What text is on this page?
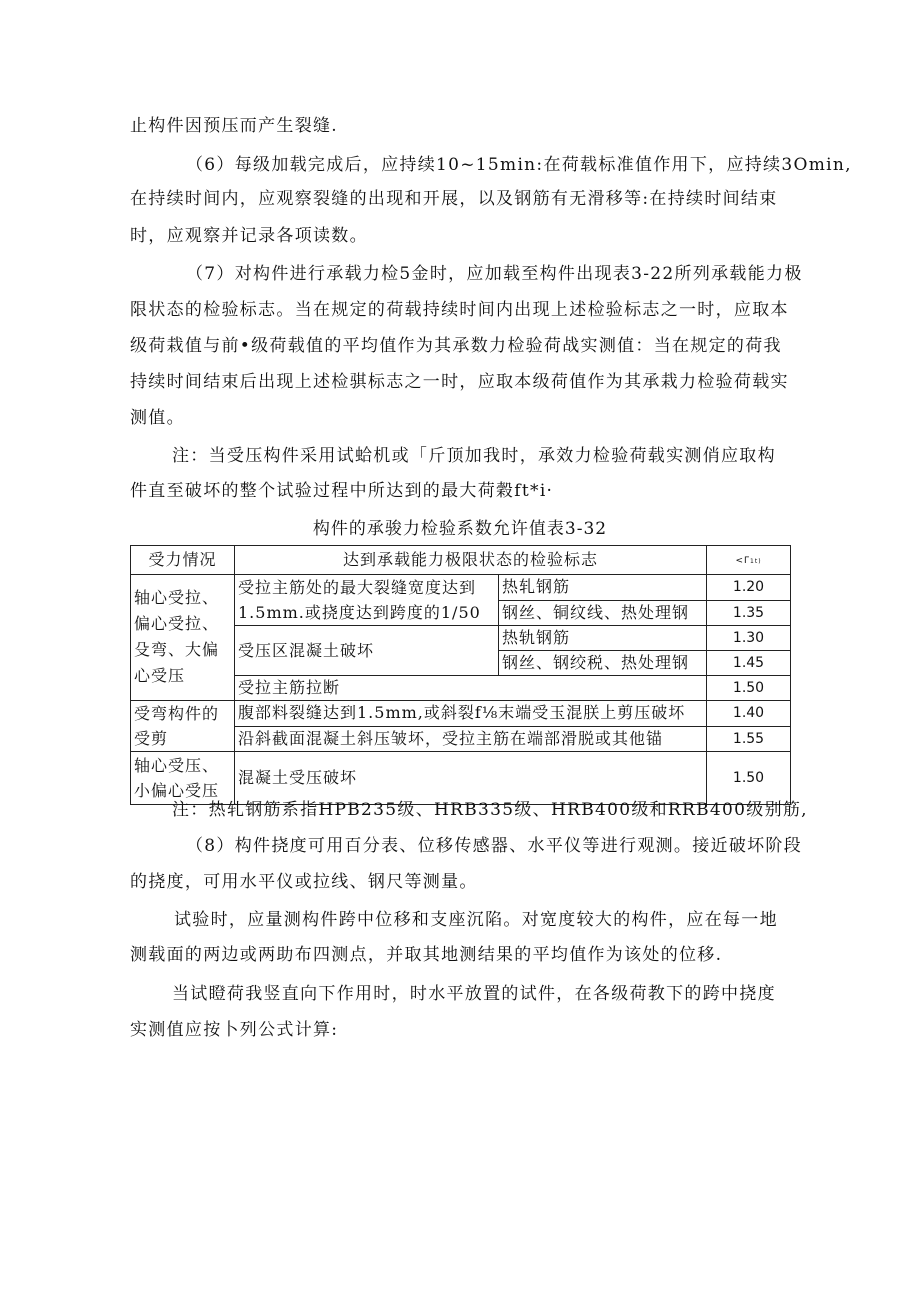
止构件因预压而产生裂缝.
（6）每级加载完成后，应持续10~15min:在荷载标准值作用下，应持续3Omin,
在持续时间内，应观察裂缝的出现和开展，以及钢筋有无滑移等:在持续时间结束
时，应观察并记录各项读数。
（7）对构件进行承载力检5金时，应加载至构件出现表3-22所列承载能力极
限状态的检验标志。当在规定的荷载持续时间内出现上述检验标志之一时，应取本
级荷栽值与前•级荷载值的平均值作为其承数力检验荷战实测值：当在规定的荷我
持续时间结束后出现上述检骐标志之一时，应取本级荷值作为其承栽力检验荷载实
测值。
注：当受压构件采用试蛤机或「斤顶加我时，承效力检验荷载实测俏应取构
件直至破坏的整个试验过程中所达到的最大荷穀ft*i·
构件的承骏力检验系数允许值表3-32
受力情况	达到承载能力极限状态的检验标志		<Γ1t)
轴心受拉、偏心受拉、殳弯、大偏心受压	受拉主筋处的最大裂缝宽度达到
1.5mm.或挠度达到跨度的1/50	热轧钢筋	1.20
		钢丝、铜纹线、热处理钢	1.35
	受压区混凝土破坏	热轨钢筋	1.30
		钢丝、钢绞税、热处理钢	1.45
	受拉主筋拉断		1.50
受弯构件的受剪	腹部料裂缝达到1.5mm,或斜裂f⅛末端受玉混朕上剪压破坏		1.40
	沿斜截面混凝土斜压皱坏，受拉主筋在端部滑脱或其他锚		1.55
轴心受压、小偏心受压	混凝土受压破坏		1.50
注：热轧钢筋系指HPB235级、HRB335级、HRB400级和RRB400级别筋,
（8）构件挠度可用百分表、位移传感器、水平仪等进行观测。接近破坏阶段
的挠度，可用水平仪或拉线、钢尺等测量。
试验时，应量测构件跨中位移和支座沉陷。对宽度较大的构件，应在每一地
测载面的两边或两助布四测点，并取其地测结果的平均值作为该处的位移.
当试瞪荷我竖直向下作用时，时水平放置的试件，在各级荷教下的跨中挠度
实测值应按卜列公式计算:
